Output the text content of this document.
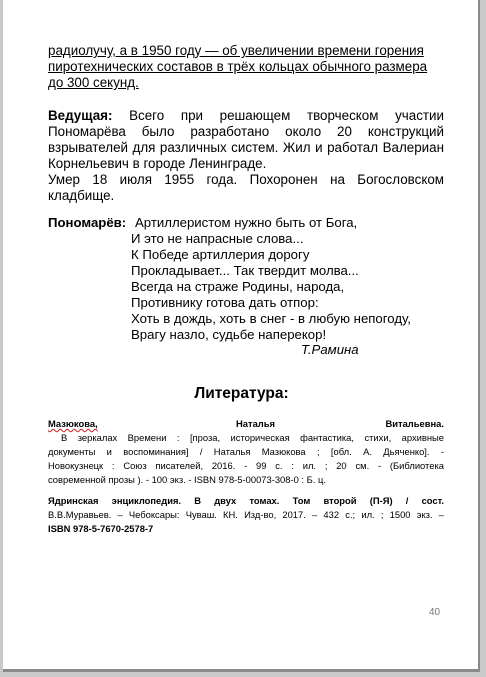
радиолучу, а в 1950 году — об увеличении времени горения
пиротехнических составов в трёх кольцах обычного размера
до 300 секунд.
Ведущая: Всего при решающем творческом участии Пономарёва было разработано около 20 конструкций взрывателей для различных систем. Жил и работал Валериан Корнельевич в городе Ленинграде.
Умер 18 июля 1955 года. Похоронен на Богословском
кладбище.
Пономарёв: Артиллеристом нужно быть от Бога,
И это не напрасные слова...
К Победе артиллерия дорогу
Прокладывает... Так твердит молва...
Всегда на страже Родины, народа,
Противнику готова дать отпор:
Хоть в дождь, хоть в снег - в любую непогоду,
Врагу назло, судьбе наперекор!
Т.Рамина
Литература:
Мазюкова,	Наталья	Витальевна.
В зеркалах Времени : [проза, историческая фантастика, стихи, архивные
документы и воспоминания] / Наталья Мазюкова ; [обл. А. Дьяченко]. -
Новокузнецк : Союз писателей, 2016. - 99 с. : ил. ; 20 см. - (Библиотека
современной прозы ). - 100 экз. - ISBN 978-5-00073-308-0 : Б. ц.
Ядринская энциклопедия. В двух томах. Том второй (П-Я) / сост.
В.В.Муравьев. – Чебоксары: Чуваш. КН. Изд-во, 2017. – 432 с.; ил. ; 1500 экз. –
ISBN 978-5-7670-2578-7
40
